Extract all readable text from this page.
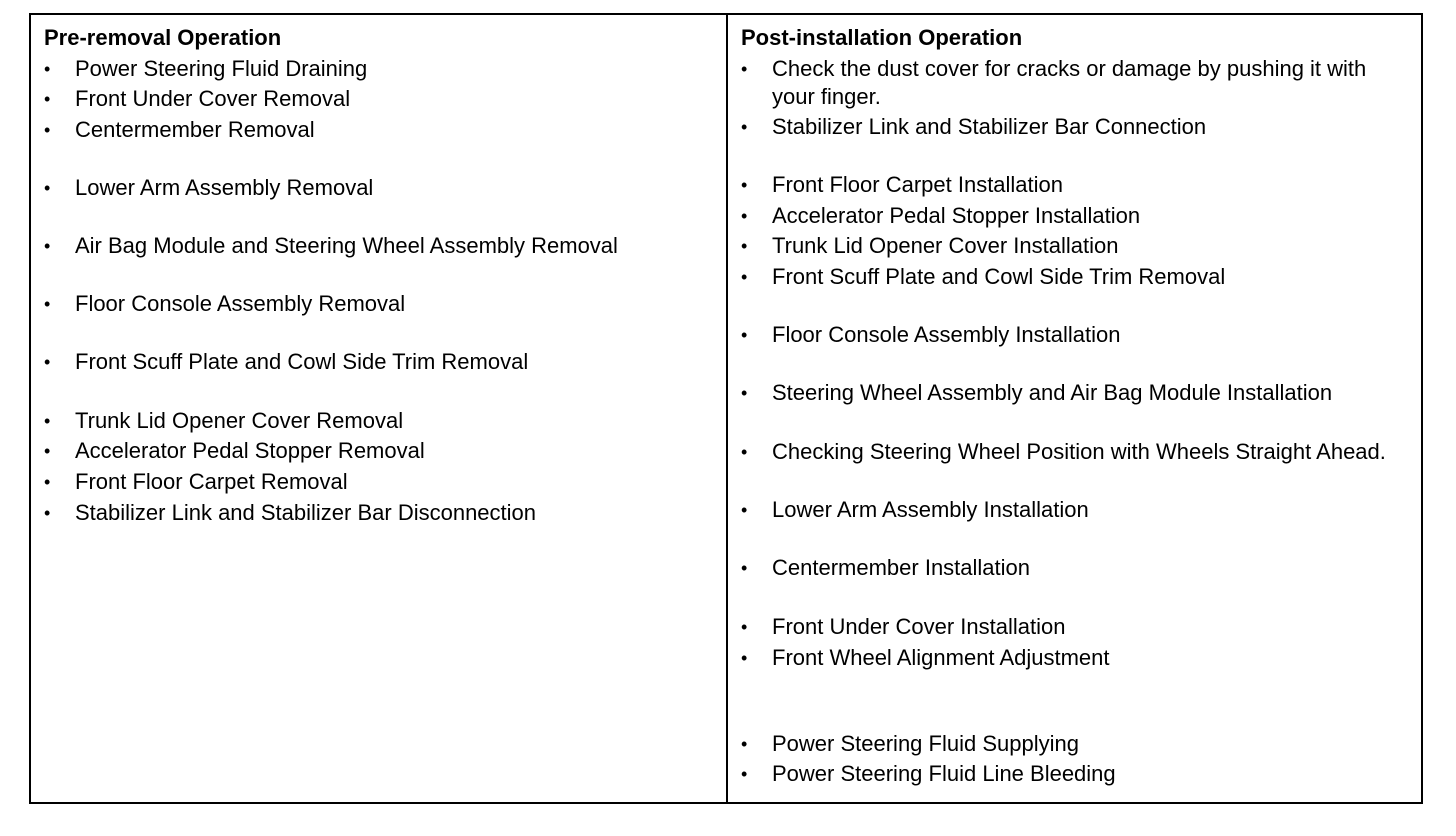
Pre-removal Operation
•	Power Steering Fluid Draining
•	Front Under Cover Removal
•	Centermember Removal
•	Lower Arm Assembly Removal
•	Air Bag Module and Steering Wheel Assembly Removal
•	Floor Console Assembly Removal
•	Front Scuff Plate and Cowl Side Trim Removal
•	Trunk Lid Opener Cover Removal
•	Accelerator Pedal Stopper Removal
•	Front Floor Carpet Removal
•	Stabilizer Link and Stabilizer Bar Disconnection
Post-installation Operation
•	Check the dust cover for cracks or damage by pushing it with your finger.
•	Stabilizer Link and Stabilizer Bar Connection
•	Front Floor Carpet Installation
•	Accelerator Pedal Stopper Installation
•	Trunk Lid Opener Cover Installation
•	Front Scuff Plate and Cowl Side Trim Removal
•	Floor Console Assembly Installation
•	Steering Wheel Assembly and Air Bag Module Installation
•	Checking Steering Wheel Position with Wheels Straight Ahead.
•	Lower Arm Assembly Installation
•	Centermember Installation
•	Front Under Cover Installation
•	Front Wheel Alignment Adjustment
•	Power Steering Fluid Supplying
•	Power Steering Fluid Line Bleeding
